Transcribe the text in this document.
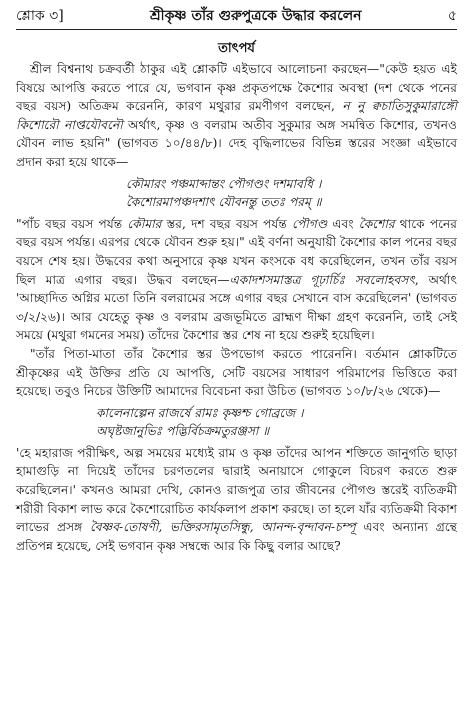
শ্লোক ৩]	শ্রীকৃষ্ণ তাঁর গুরুপুত্রকে উদ্ধার করলেন	৫
তাৎপর্য

শ্রীল বিশ্বনাথ চক্রবর্তী ঠাকুর এই শ্লোকটি এইভাবে আলোচনা করছেন—"কেউ হয়ত এই বিষয়ে আপত্তি করতে পারে যে, ভগবান কৃষ্ণ প্রকৃতপক্ষে কৈশোর অবস্থা (দশ থেকে পনের বছর বয়স) অতিক্রম করেননি, কারণ মথুরার রমণীগণ বলছেন, ন নু ক্বচাতিসুকুমারাঙ্গৌ কিশোরৌ নাপ্তযৌবনৌ অর্থাৎ, কৃষ্ণ ও বলরাম অতীব সুকুমার অঙ্গ সমন্বিত কিশোর, তখনও যৌবন লাভ হয়নি" (ভাগবত ১০/৪৪/৮)। দেহ বৃদ্ধিলাভের বিভিন্ন স্তরের সংজ্ঞা এইভাবে প্রদান করা হয়ে থাকে—

কৌমারং পঞ্চমাব্দান্তং পৌগণ্ডং দশমাবধি ।
কৈশোরমাপঞ্চদশাৎ যৌবনন্তু ততঃ পরম্ ॥

"পাঁচ বছর বয়স পর্যন্ত কৌমার স্তর, দশ বছর বয়স পর্যন্ত পৌগণ্ড এবং কৈশোর থাকে পনের বছর বয়স পর্যন্ত। এরপর থেকে যৌবন শুরু হয়।" এই বর্ণনা অনুযায়ী কৈশোর কাল পনের বছর বয়সে শেষ হয়। উদ্ধবের কথা অনুসারে কৃষ্ণ যখন কংসকে বধ করেছিলেন, তখন তাঁর বয়স ছিল মাত্র এগার বছর। উদ্ধব বলছেন—একাদশসমাস্তত্র গূঢ়ার্চিঃ সবলোহবসৎ, অর্থাৎ 'আচ্ছাদিত অগ্নির মতো তিনি বলরামের সঙ্গে এগার বছর সেখানে বাস করেছিলেন' (ভাগবত ৩/২/২৬)। আর যেহেতু কৃষ্ণ ও বলরাম ব্রজভূমিতে ব্রাহ্মণ দীক্ষা গ্রহণ করেননি, তাই সেই সময়ে (মথুরা গমনের সময়) তাঁদের কৈশোর স্তর শেষ না হয়ে শুরুই হয়েছিল।

"তাঁর পিতা-মাতা তাঁর কৈশোর স্তর উপভোগ করতে পারেননি। বর্তমান শ্লোকটিতে শ্রীকৃষ্ণের এই উক্তির প্রতি যে আপত্তি, সেটি বয়সের সাধারণ পরিমাপের ভিত্তিতে করা হয়েছে। তবুও নিচের উক্তিটি আমাদের বিবেচনা করা উচিত (ভাগবত ১০/৮/২৬ থেকে)—

কালেনাল্পেন রাজর্ষে রামঃ কৃষ্ণশ্চ গোব্রজে ।
অঘৃষ্টজানুভিঃ পদ্ভির্বিচক্রমতুরঞ্জসা ॥

'হে মহারাজ পরীক্ষিৎ, অল্প সময়ের মধ্যেই রাম ও কৃষ্ণ তাঁদের আপন শক্তিতে জানুগতি ছাড়া হামাগুড়ি না দিয়েই তাঁদের চরণতলের দ্বারাই অনায়াসে গোকুলে বিচরণ করতে শুরু করেছিলেন।' কখনও আমরা দেখি, কোনও রাজপুত্র তার জীবনের পৌগণ্ড স্তরেই ব্যতিক্রমী শরীরী বিকাশ লাভ করে কৈশোরোচিত কার্যকলাপ প্রকাশ করছে। তা হলে যাঁর ব্যতিক্রমী বিকাশ লাভের প্রসঙ্গ বৈষ্ণব-তোষণী, ভক্তিরসামৃতসিন্ধু, আনন্দ-বৃন্দাবন-চম্পূ এবং অন্যান্য গ্রন্থে প্রতিপন্ন হয়েছে, সেই ভগবান কৃষ্ণ সম্বন্ধে আর কি কিছু বলার আছে?
